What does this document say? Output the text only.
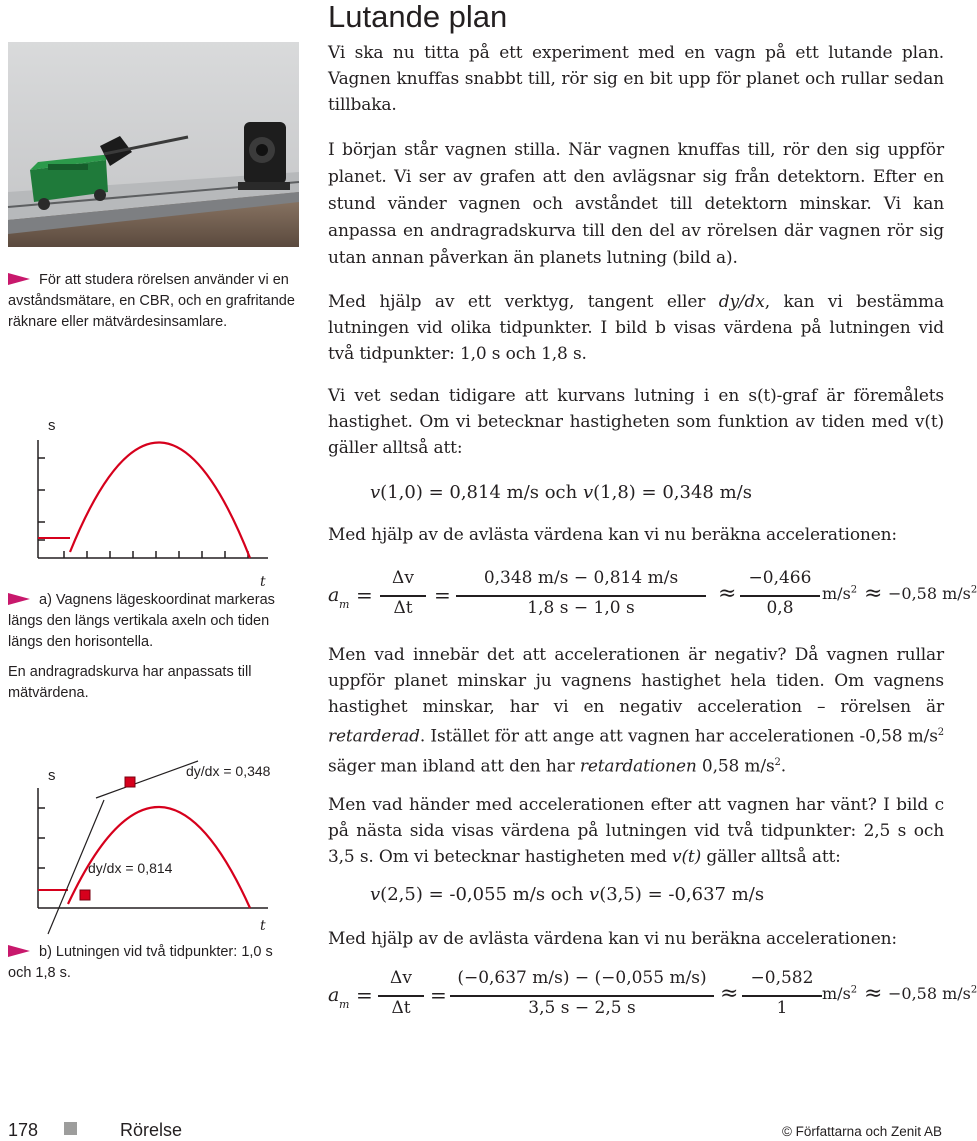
Lutande plan

Vi ska nu titta på ett experiment med en vagn på ett lutande plan. Vagnen knuffas snabbt till, rör sig en bit upp för planet och rullar sedan tillbaka.

I början står vagnen stilla. När vagnen knuffas till, rör den sig uppför planet. Vi ser av grafen att den avlägsnar sig från detektorn. Efter en stund vänder vagnen och avståndet till detektorn minskar. Vi kan anpassa en andragradskurva till den del av rörelsen där vagnen rör sig utan annan påverkan än planets lutning (bild a).

Med hjälp av ett verktyg, tangent eller dy/dx, kan vi bestämma lutningen vid olika tidpunkter. I bild b visas värdena på lutningen vid två tidpunkter: 1,0 s och 1,8 s.

Vi vet sedan tidigare att kurvans lutning i en s(t)-graf är föremålets hastighet. Om vi betecknar hastigheten som funktion av tiden med v(t) gäller alltså att:

v(1,0) = 0,814 m/s och v(1,8) = 0,348 m/s

Med hjälp av de avlästa värdena kan vi nu beräkna accelerationen:

a m =
Δv
Δt
=
0,348 m/s − 0,814 m/s
1,8 s − 1,0 s
≈
−0,466
0,8
$m/s^2 \approx -0,58$ $m/s^2$

Men vad innebär det att accelerationen är negativ? Då vagnen rullar uppför planet minskar ju vagnens hastighet hela tiden. Om vagnens hastighet minskar, har vi en negativ acceleration – rörelsen är retarderad. Istället för att ange att vagnen har accelerationen -0,58 $m/s^2$ säger man ibland att den har retardationen 0,58 $m/s^2$.

Men vad händer med accelerationen efter att vagnen har vänt? I bild c på nästa sida visas värdena på lutningen vid två tidpunkter: 2,5 s och 3,5 s. Om vi betecknar hastigheten med v(t) gäller alltså att:

v(2,5) = -0,055 m/s och v(3,5) = -0,637 m/s

Med hjälp av de avlästa värdena kan vi nu beräkna accelerationen:

a m =
Δv
Δt
=
(−0,637 m/s) − (−0,055 m/s)
3,5 s − 2,5 s
≈
−0,582
1
$m/s^2 \approx -0,58$ $m/s^2$

För att studera rörelsen använder vi en avståndsmätare, en CBR, och en grafritande räknare eller mätvärdesinsamlare.

s
t

a) Vagnens lägeskoordinat markeras längs den längs vertikala axeln och tiden längs den horisontella.

En andragradskurva har anpassats till mätvärdena.

s	dy/dx = 0,348
dy/dx = 0,814
t

b) Lutningen vid två tidpunkter: 1,0 s och 1,8 s.

178	Rörelse	© Författarna och Zenit AB
